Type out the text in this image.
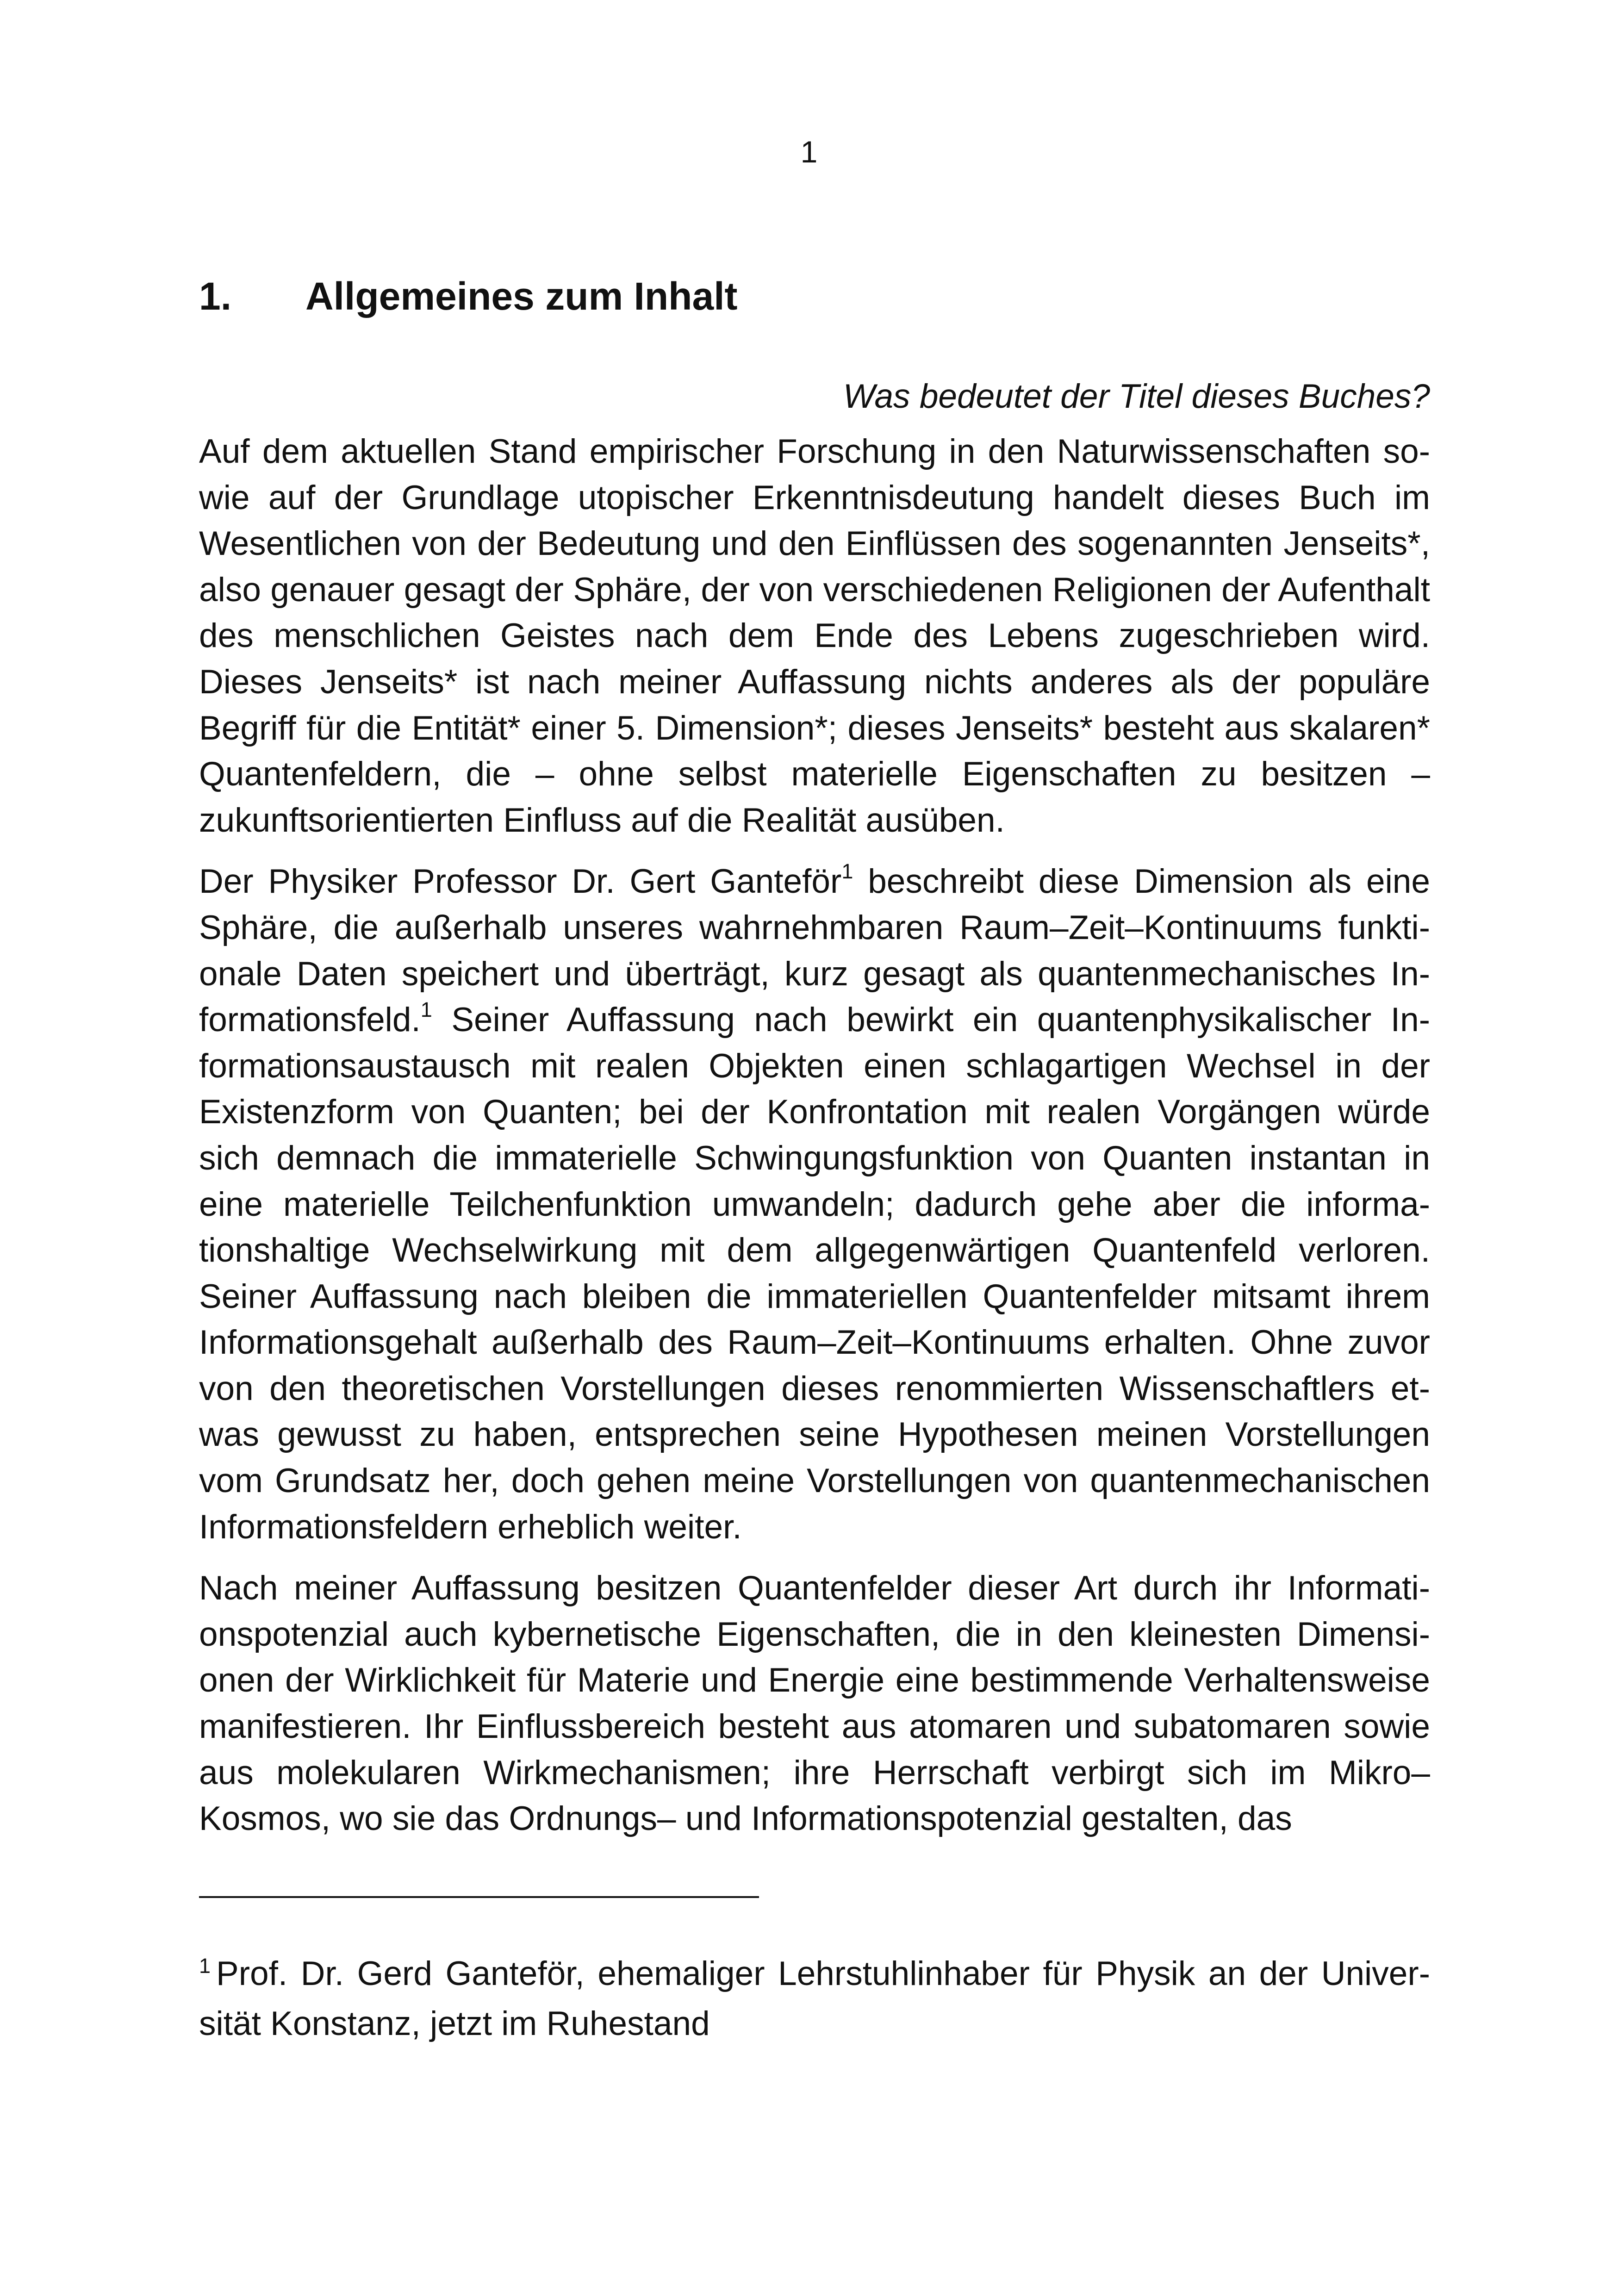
1
1.	Allgemeines zum Inhalt

Was bedeutet der Titel dieses Buches?

Auf dem aktuellen Stand empirischer Forschung in den Naturwissenschaften sowie auf der Grundlage utopischer Erkenntnisdeutung handelt dieses Buch im Wesentlichen von der Bedeutung und den Einflüssen des sogenannten Jenseits*, also genauer gesagt der Sphäre, der von verschiedenen Religionen der Aufenthalt des menschlichen Geistes nach dem Ende des Lebens zugeschrieben wird. Dieses Jenseits* ist nach meiner Auffassung nichts anderes als der populäre Begriff für die Entität* einer 5. Dimension*; dieses Jenseits* besteht aus skalaren* Quantenfeldern, die – ohne selbst materielle Eigenschaften zu besitzen – zukunftsorientierten Einfluss auf die Realität ausüben.

Der Physiker Professor Dr. Gert Ganteför$^1$ beschreibt diese Dimension als eine Sphäre, die außerhalb unseres wahrnehmbaren Raum–Zeit–Kontinuums funktionale Daten speichert und überträgt, kurz gesagt als quantenmechanisches Informationsfeld.$^1$ Seiner Auffassung nach bewirkt ein quantenphysikalischer Informationsaustausch mit realen Objekten einen schlagartigen Wechsel in der Existenzform von Quanten; bei der Konfrontation mit realen Vorgängen würde sich demnach die immaterielle Schwingungsfunktion von Quanten instantan in eine materielle Teilchenfunktion umwandeln; dadurch gehe aber die informationshaltige Wechselwirkung mit dem allgegenwärtigen Quantenfeld verloren. Seiner Auffassung nach bleiben die immateriellen Quantenfelder mitsamt ihrem Informationsgehalt außerhalb des Raum–Zeit–Kontinuums erhalten. Ohne zuvor von den theoretischen Vorstellungen dieses renommierten Wissenschaftlers etwas gewusst zu haben, entsprechen seine Hypothesen meinen Vorstellungen vom Grundsatz her, doch gehen meine Vorstellungen von quantenmechanischen Informationsfeldern erheblich weiter.

Nach meiner Auffassung besitzen Quantenfelder dieser Art durch ihr Informationspotenzial auch kybernetische Eigenschaften, die in den kleinesten Dimensionen der Wirklichkeit für Materie und Energie eine bestimmende Verhaltensweise manifestieren. Ihr Einflussbereich besteht aus atomaren und subatomaren sowie aus molekularen Wirkmechanismen; ihre Herrschaft verbirgt sich im Mikro–Kosmos, wo sie das Ordnungs– und Informationspotenzial gestalten, das

$^1$ Prof. Dr. Gerd Ganteför, ehemaliger Lehrstuhlinhaber für Physik an der Universität Konstanz, jetzt im Ruhestand
